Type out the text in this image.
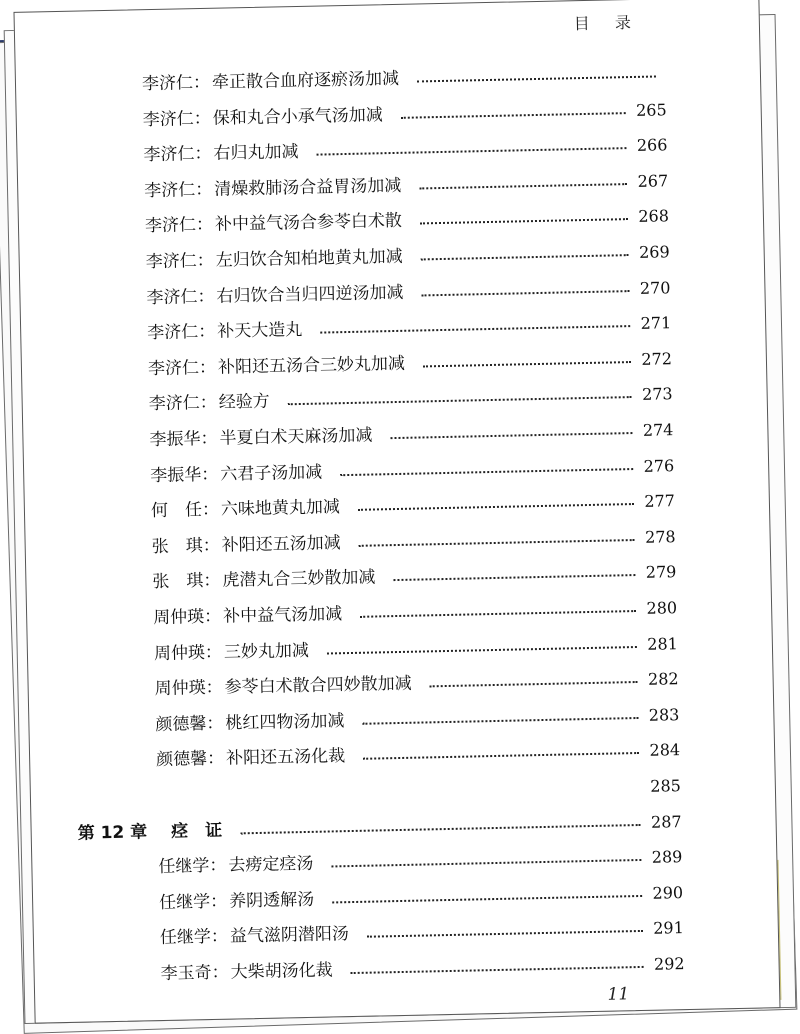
目 录
李济仁： 牵正散合血府逐瘀汤加减
李济仁： 保和丸合小承气汤加减	265
李济仁： 右归丸加减	266
李济仁： 清燥救肺汤合益胃汤加减	267
李济仁： 补中益气汤合参苓白术散	268
李济仁： 左归饮合知柏地黄丸加减	269
李济仁： 右归饮合当归四逆汤加减	270
李济仁： 补天大造丸	271
李济仁： 补阳还五汤合三妙丸加减	272
李济仁： 经验方	273
李振华： 半夏白术天麻汤加减	274
李振华： 六君子汤加减	276
何　任： 六味地黄丸加减	277
张　琪： 补阳还五汤加减	278
张　琪： 虎潜丸合三妙散加减	279
周仲瑛： 补中益气汤加减	280
周仲瑛： 三妙丸加减	281
周仲瑛： 参苓白术散合四妙散加减	282
颜德馨： 桃红四物汤加减	283
颜德馨： 补阳还五汤化裁	284
285
第 12 章 痉　证	287
任继学： 去痨定痉汤	289
任继学： 养阴透解汤	290
任继学： 益气滋阴潜阳汤	291
李玉奇： 大柴胡汤化裁	292
11
